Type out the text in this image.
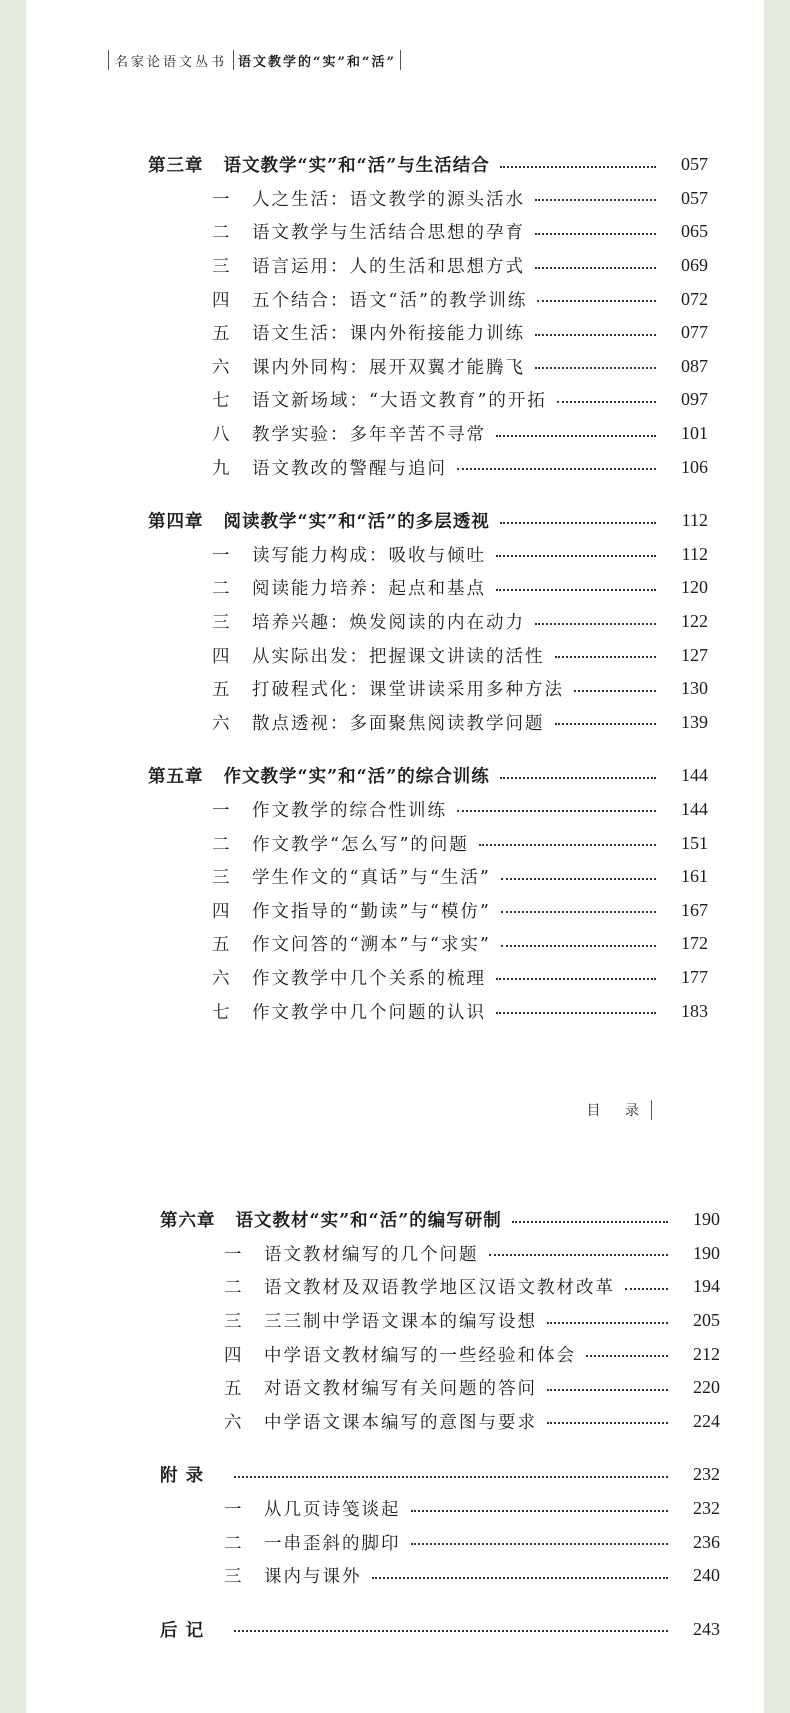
名家论语文丛书 语文教学的“实”和“活”
第三章 语文教学“实”和“活”与生活结合	057
一	人之生活：语文教学的源头活水	057
二	语文教学与生活结合思想的孕育	065
三	语言运用：人的生活和思想方式	069
四	五个结合：语文“活”的教学训练	072
五	语文生活：课内外衔接能力训练	077
六	课内外同构：展开双翼才能腾飞	087
七	语文新场域：“大语文教育”的开拓	097
八	教学实验：多年辛苦不寻常	101
九	语文教改的警醒与追问	106
第四章 阅读教学“实”和“活”的多层透视	112
一	读写能力构成：吸收与倾吐	112
二	阅读能力培养：起点和基点	120
三	培养兴趣：焕发阅读的内在动力	122
四	从实际出发：把握课文讲读的活性	127
五	打破程式化：课堂讲读采用多种方法	130
六	散点透视：多面聚焦阅读教学问题	139
第五章 作文教学“实”和“活”的综合训练	144
一	作文教学的综合性训练	144
二	作文教学“怎么写”的问题	151
三	学生作文的“真话”与“生活”	161
四	作文指导的“勤读”与“模仿”	167
五	作文问答的“溯本”与“求实”	172
六	作文教学中几个关系的梳理	177
七	作文教学中几个问题的认识	183
目 录
第六章 语文教材“实”和“活”的编写研制	190
一	语文教材编写的几个问题	190
二	语文教材及双语教学地区汉语文教材改革	194
三	三三制中学语文课本的编写设想	205
四	中学语文教材编写的一些经验和体会	212
五	对语文教材编写有关问题的答问	220
六	中学语文课本编写的意图与要求	224
附 录	232
一	从几页诗笺谈起	232
二	一串歪斜的脚印	236
三	课内与课外	240
后 记	243
